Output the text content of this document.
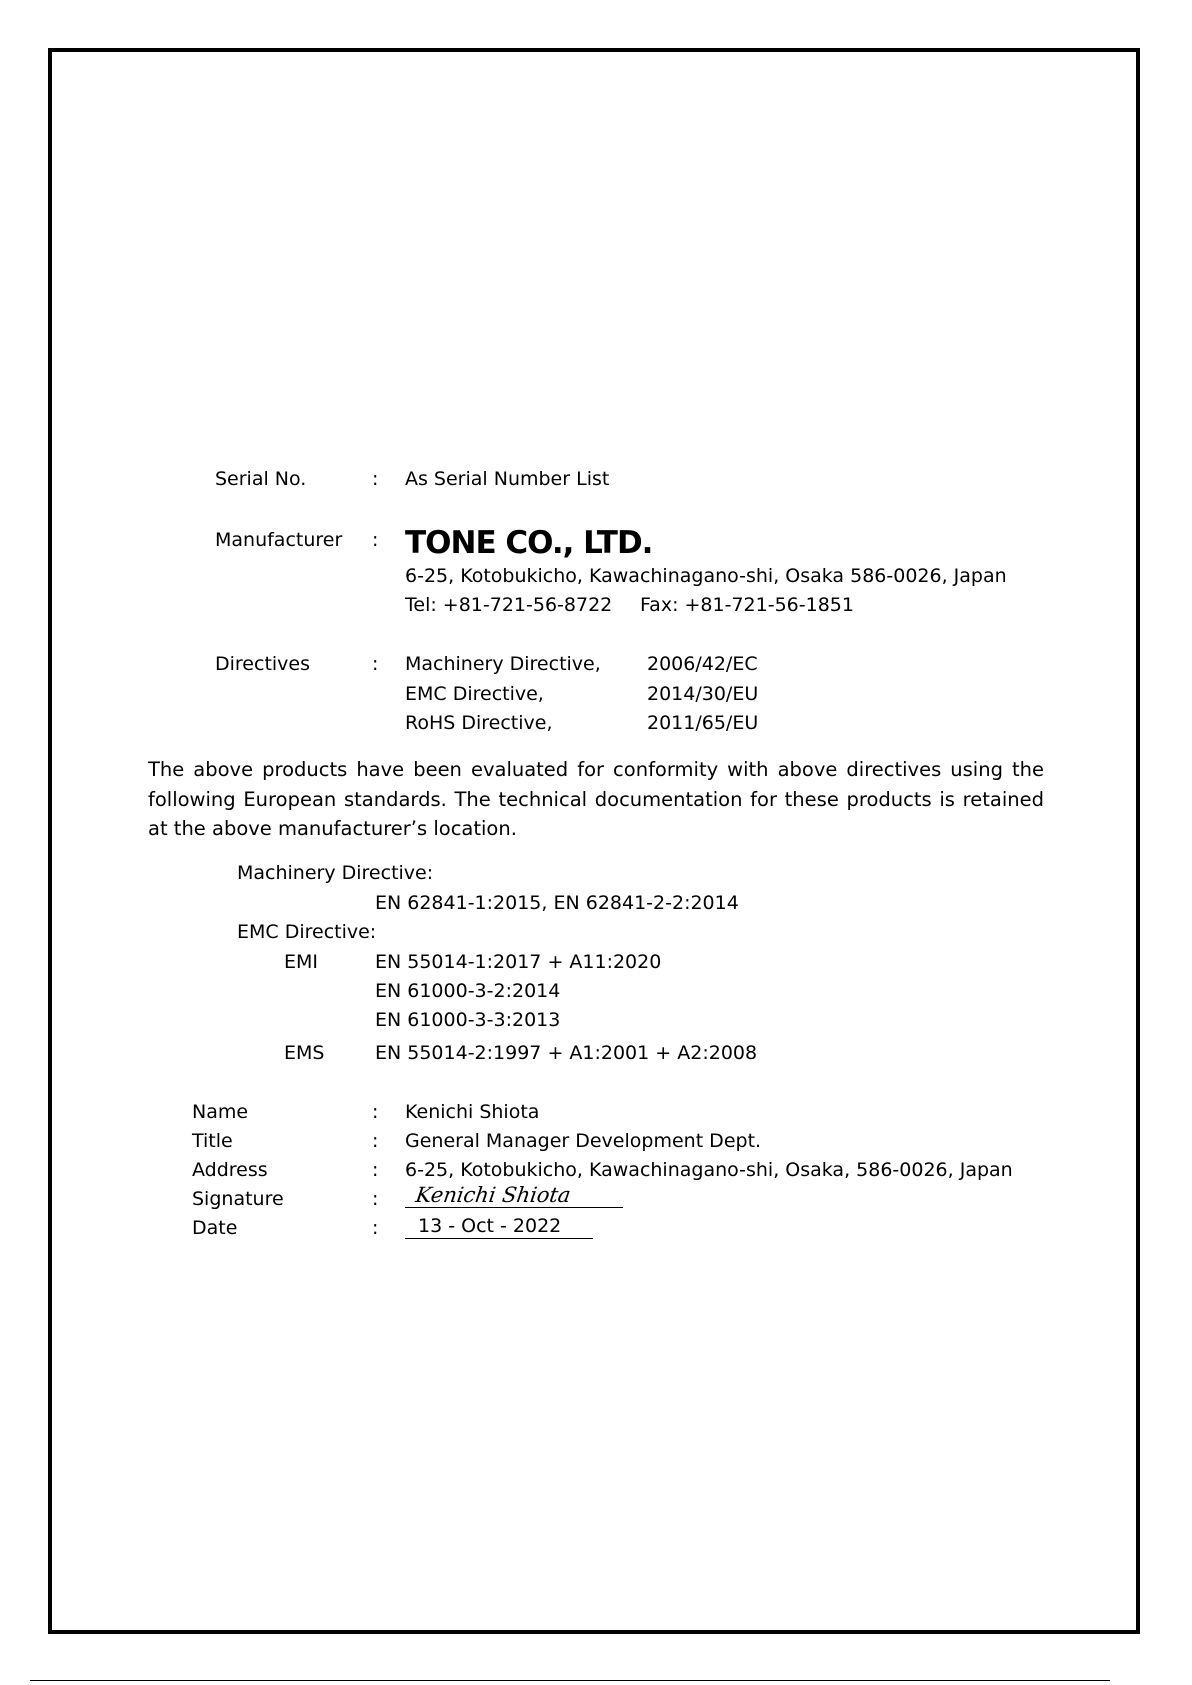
Serial No.	: As Serial Number List
Manufacturer : TONE CO., LTD.
6-25, Kotobukicho, Kawachinagano-shi, Osaka 586-0026, Japan
Tel: +81-721-56-8722 Fax: +81-721-56-1851
Directives	: Machinery Directive, 2006/42/EC
EMC Directive,	2014/30/EU
RoHS Directive,	2011/65/EU
The above products have been evaluated for conformity with above directives using the following European standards. The technical documentation for these products is retained at the above manufacturer’s location.
Machinery Directive:
EN 62841-1:2015, EN 62841-2-2:2014
EMC Directive:
EMI	EN 55014-1:2017 + A11:2020
EN 61000-3-2:2014
EN 61000-3-3:2013
EMS	EN 55014-2:1997 + A1:2001 + A2:2008
Name	: Kenichi Shiota
Title	: General Manager Development Dept.
Address	: 6-25, Kotobukicho, Kawachinagano-shi, Osaka, 586-0026, Japan
Signature	: Kenichi Shiota
Date	: 13 - Oct - 2022
